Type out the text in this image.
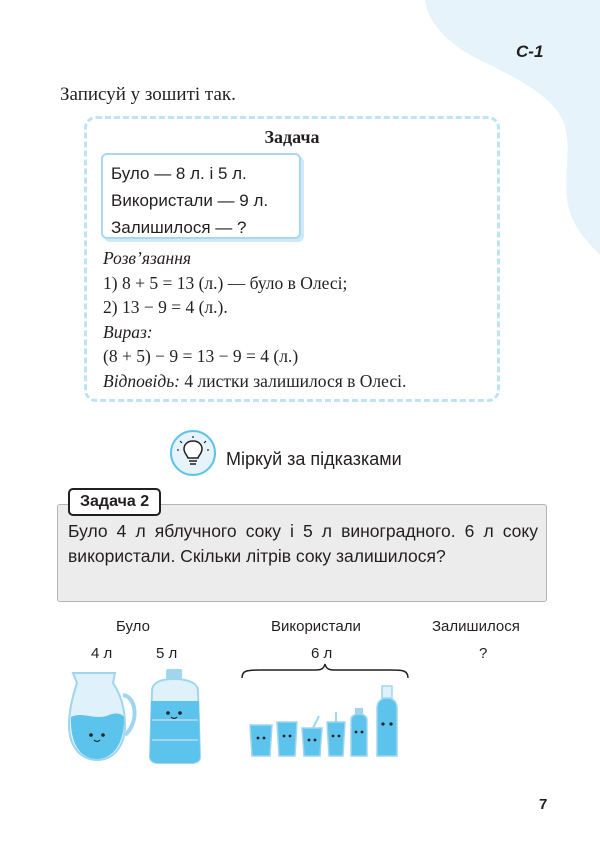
С-1
Записуй у зошиті так.
Задача
Було — 8 л. і 5 л.
Використали — 9 л.
Залишилося — ?
Розв’язання
1) 8 + 5 = 13 (л.) — було в Олесі;
2) 13 − 9 = 4 (л.).
Вираз:
(8 + 5) − 9 = 13 − 9 = 4 (л.)
Відповідь: 4 листки залишилося в Олесі.
Міркуй за підказками
Задача 2
Було 4 л яблучного соку і 5 л виноградного. 6 л соку використали. Скільки літрів соку залишилося?
Було
4 л	5 л
Використали
6 л
Залишилося
?
7
